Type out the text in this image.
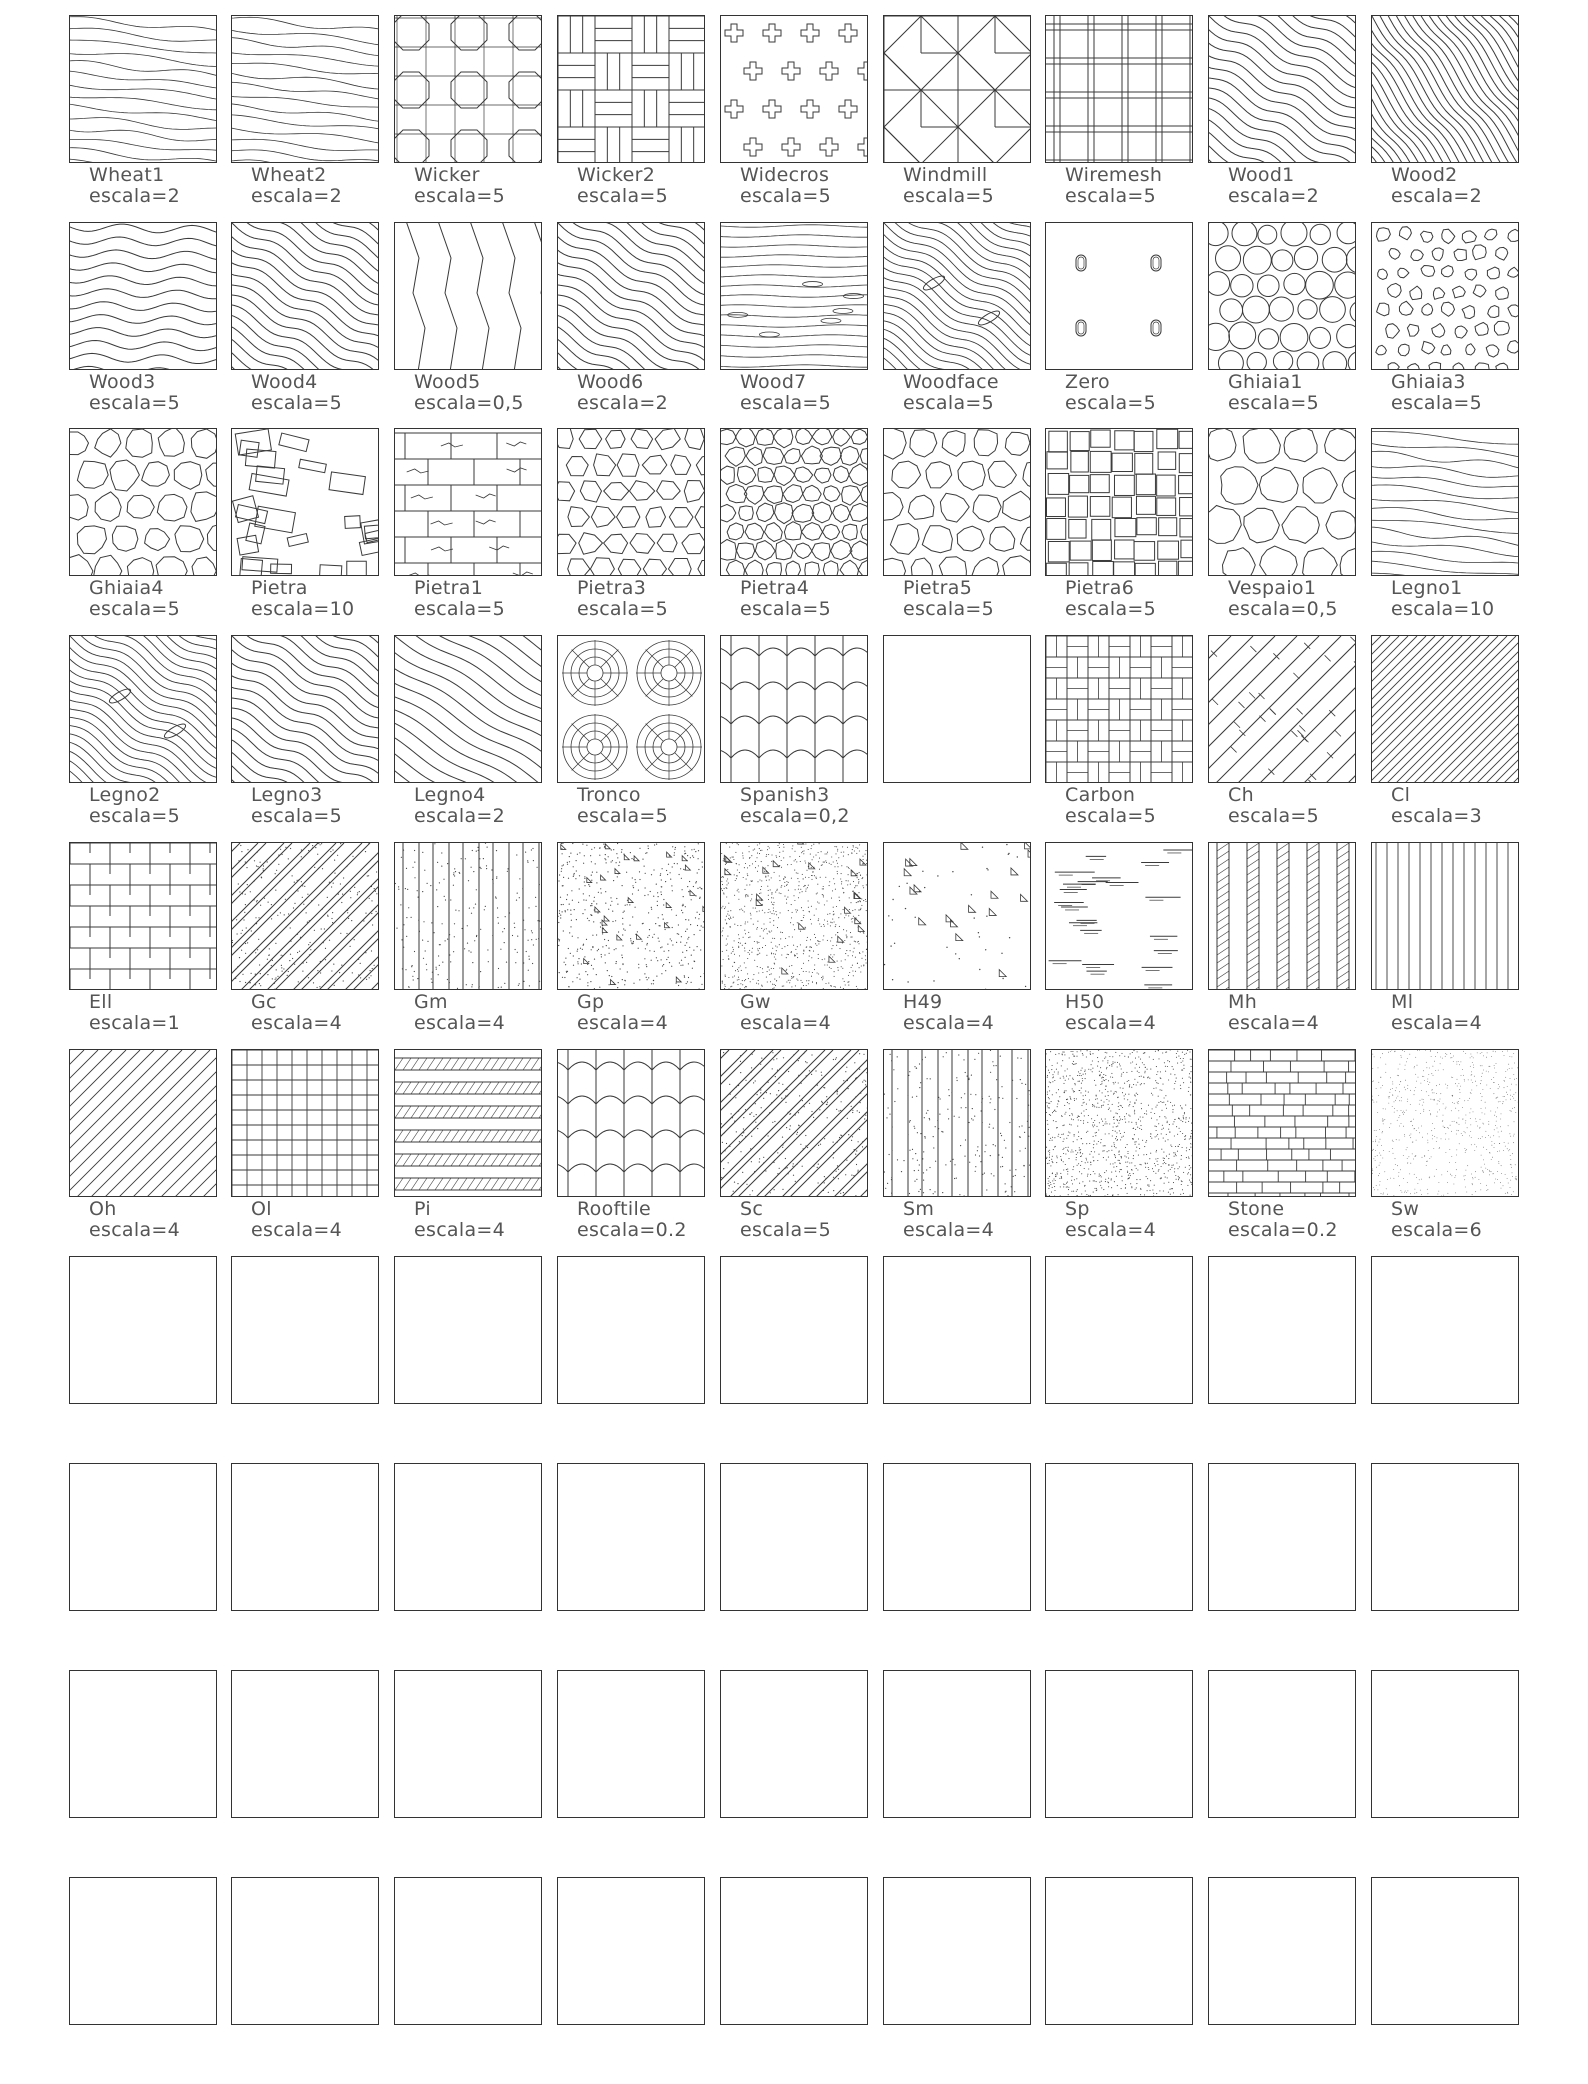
Wheat1
escala=2
Wheat2
escala=2
Wicker
escala=5
Wicker2
escala=5
Widecros
escala=5
Windmill
escala=5
Wiremesh
escala=5
Wood1
escala=2
Wood2
escala=2
Wood3
escala=5
Wood4
escala=5
Wood5
escala=0,5
Wood6
escala=2
Wood7
escala=5
Woodface
escala=5
Zero
escala=5
Ghiaia1
escala=5
Ghiaia3
escala=5
Ghiaia4
escala=5
Pietra
escala=10
Pietra1
escala=5
Pietra3
escala=5
Pietra4
escala=5
Pietra5
escala=5
Pietra6
escala=5
Vespaio1
escala=0,5
Legno1
escala=10
Legno2
escala=5
Legno3
escala=5
Legno4
escala=2
Tronco
escala=5
Spanish3
escala=0,2
Carbon
escala=5
Ch
escala=5
Cl
escala=3
Ell
escala=1
Gc
escala=4
Gm
escala=4
Gp
escala=4
Gw
escala=4
H49
escala=4
H50
escala=4
Mh
escala=4
Ml
escala=4
Oh
escala=4
Ol
escala=4
Pi
escala=4
Rooftile
escala=0.2
Sc
escala=5
Sm
escala=4
Sp
escala=4
Stone
escala=0.2
Sw
escala=6
